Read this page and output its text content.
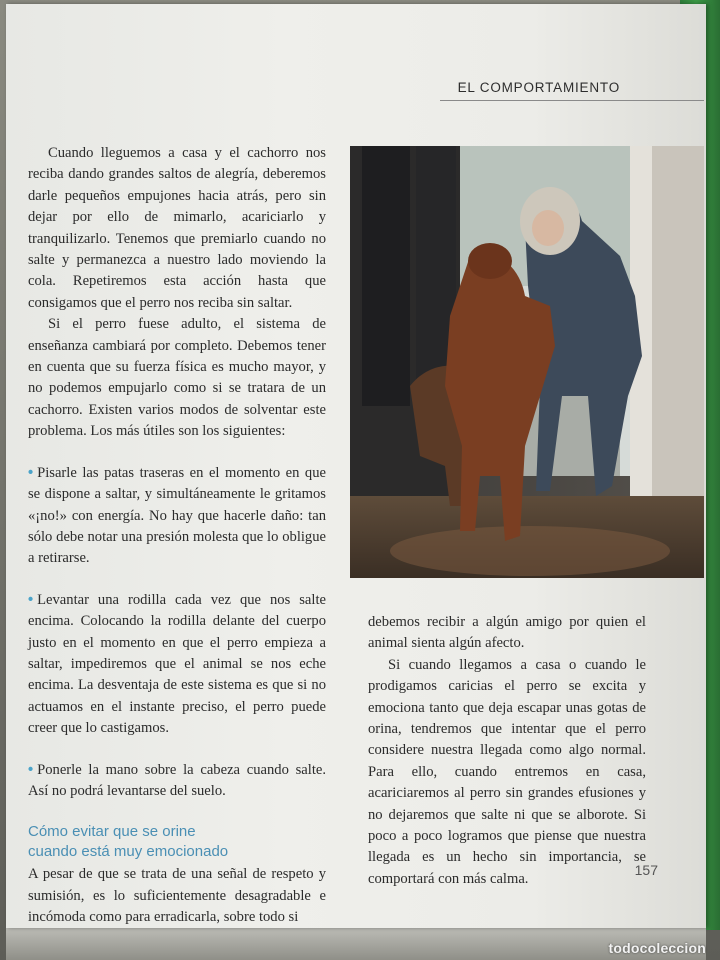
EL COMPORTAMIENTO

Cuando lleguemos a casa y el cachorro nos reciba dando grandes saltos de alegría, deberemos darle pequeños empujones hacia atrás, pero sin dejar por ello de mimarlo, acariciarlo y tranquilizarlo. Tenemos que premiarlo cuando no salte y permanezca a nuestro lado moviendo la cola. Repetiremos esta acción hasta que consigamos que el perro nos reciba sin saltar.

Si el perro fuese adulto, el sistema de enseñanza cambiará por completo. Debemos tener en cuenta que su fuerza física es mucho mayor, y no podemos empujarlo como si se tratara de un cachorro. Existen varios modos de solventar este problema. Los más útiles son los siguientes:

• Pisarle las patas traseras en el momento en que se dispone a saltar, y simultáneamente le gritamos «¡no!» con energía. No hay que hacerle daño: tan sólo debe notar una presión molesta que lo obligue a retirarse.

• Levantar una rodilla cada vez que nos salte encima. Colocando la rodilla delante del cuerpo justo en el momento en que el perro empieza a saltar, impediremos que el animal se nos eche encima. La desventaja de este sistema es que si no actuamos en el instante preciso, el perro puede creer que lo castigamos.

• Ponerle la mano sobre la cabeza cuando salte. Así no podrá levantarse del suelo.

Cómo evitar que se orine
cuando está muy emocionado

A pesar de que se trata de una señal de respeto y sumisión, es lo suficientemente desagradable e incómoda como para erradicarla, sobre todo si

debemos recibir a algún amigo por quien el animal sienta algún afecto.

Si cuando llegamos a casa o cuando le prodigamos caricias el perro se excita y emociona tanto que deja escapar unas gotas de orina, tendremos que intentar que el perro considere nuestra llegada como algo normal. Para ello, cuando entremos en casa, acariciaremos al perro sin grandes efusiones y no dejaremos que salte ni que se alborote. Si poco a poco logramos que piense que nuestra llegada es un hecho sin importancia, se comportará con más calma.

157
todocoleccion
